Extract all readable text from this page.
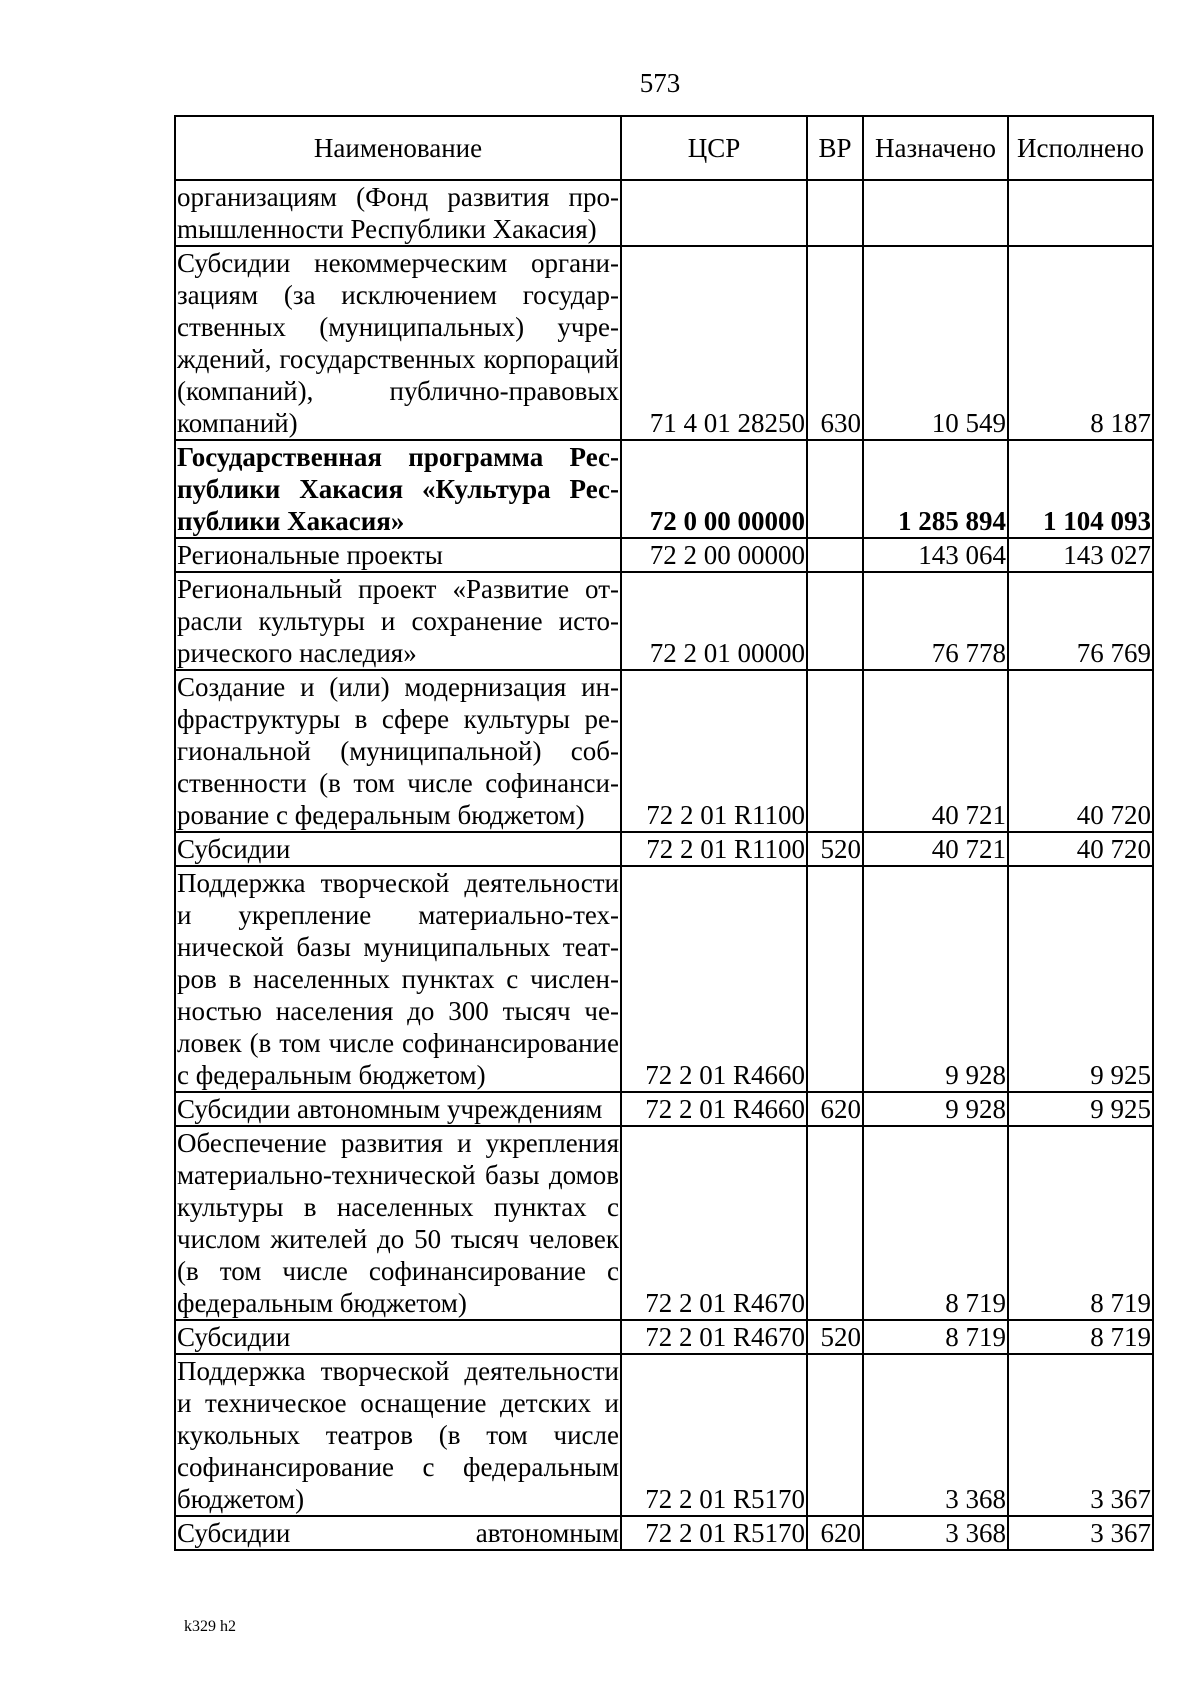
573
Наименование	ЦСР	ВР	Назначено	Исполнено
организациям (Фонд развития проmышленности Республики Хакасия)				
Субсидии некоммерческим организациям (за исключением государственных (муниципальных) учреждений, государственных корпораций (компаний), публично-правовых компаний)	71 4 01 28250	630	10 549	8 187
Государственная программа Республики Хакасия «Культура Республики Хакасия»	72 0 00 00000		1 285 894	1 104 093
Региональные проекты	72 2 00 00000		143 064	143 027
Региональный проект «Развитие отрасли культуры и сохранение исторического наследия»	72 2 01 00000		76 778	76 769
Создание и (или) модернизация инфраструктуры в сфере культуры региональной (муниципальной) собственности (в том числе софинансирование с федеральным бюджетом)	72 2 01 R1100		40 721	40 720
Субсидии	72 2 01 R1100	520	40 721	40 720
Поддержка творческой деятельности и укрепление материально-технической базы муниципальных театров в населенных пунктах с численностью населения до 300 тысяч человек (в том числе софинансирование с федеральным бюджетом)	72 2 01 R4660		9 928	9 925
Субсидии автономным учреждениям	72 2 01 R4660	620	9 928	9 925
Обеспечение развития и укрепления материально-технической базы домов культуры в населенных пунктах с числом жителей до 50 тысяч человек (в том числе софинансирование с федеральным бюджетом)	72 2 01 R4670		8 719	8 719
Субсидии	72 2 01 R4670	520	8 719	8 719
Поддержка творческой деятельности и техническое оснащение детских и кукольных театров (в том числе софинансирование с федеральным бюджетом)	72 2 01 R5170		3 368	3 367
Субсидии автономным	72 2 01 R5170	620	3 368	3 367
k329 h2
